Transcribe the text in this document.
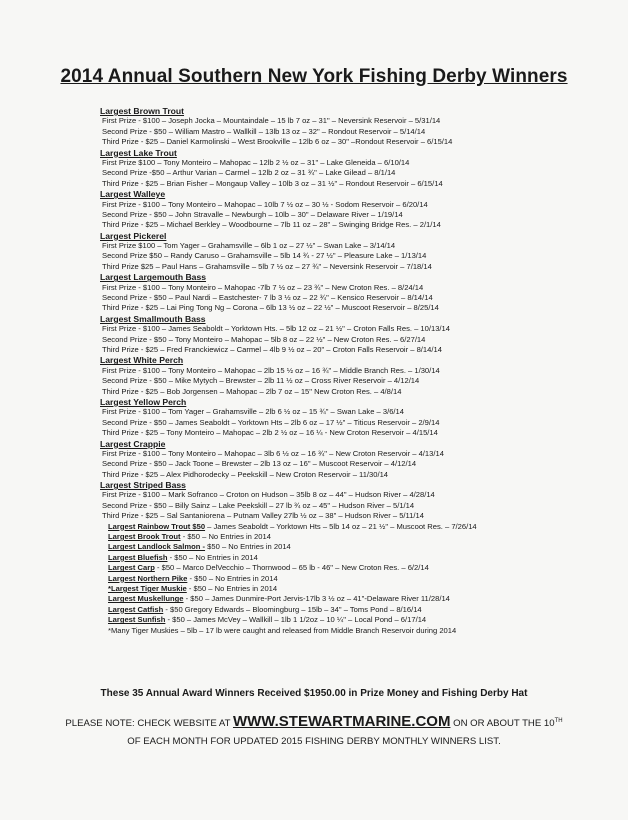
2014 Annual Southern New York Fishing Derby Winners
Largest Brown Trout
First Prize - $100 – Joseph Jocka – Mountaindale – 15 lb 7 oz – 31" – Neversink Reservoir – 5/31/14
Second Prize - $50 – William Mastro – Wallkill – 13lb 13 oz – 32" – Rondout Reservoir – 5/14/14
Third Prize - $25 – Daniel Karmolinski – West Brookville – 12lb 6 oz – 30" –Rondout Reservoir – 6/15/14
Largest Lake Trout
First Prize $100 – Tony Monteiro – Mahopac – 12lb 2 ½ oz – 31" – Lake Gleneida – 6/10/14
Second Prize -$50 – Arthur Varian – Carmel – 12lb 2 oz – 31 ¾" – Lake Gilead – 8/1/14
Third Prize - $25 – Brian Fisher – Mongaup Valley – 10lb 3 oz – 31 ½" – Rondout Reservoir – 6/15/14
Largest Walleye
First Prize - $100 – Tony Monteiro – Mahopac – 10lb 7 ½ oz – 30 ½ - Sodom Reservoir – 6/20/14
Second Prize - $50 – John Stravalle – Newburgh – 10lb – 30" – Delaware River – 1/19/14
Third Prize - $25 – Michael Berkley – Woodbourne – 7lb 11 oz – 28" – Swinging Bridge Res. – 2/1/14
Largest Pickerel
First Prize $100 – Tom Yager – Grahamsville – 6lb 1 oz – 27 ½" – Swan Lake – 3/14/14
Second Prize $50 – Randy Caruso – Grahamsville – 5lb 14 ¾ - 27 ½" – Pleasure Lake – 1/13/14
Third Prize $25 – Paul Hans – Grahamsville – 5lb 7 ½ oz – 27 ¾" – Neversink Reservoir – 7/18/14
Largest Largemouth Bass
First Prize - $100 – Tony Monteiro – Mahopac -7lb 7 ½ oz – 23 ¾" – New Croton Res. – 8/24/14
Second Prize - $50 – Paul Nardi – Eastchester- 7 lb 3 ½ oz – 22 ¾" – Kensico Reservoir – 8/14/14
Third Prize - $25 – Lai Ping Tong Ng – Corona – 6lb 13 ½ oz – 22 ½" – Muscoot Reservoir – 8/25/14
Largest Smallmouth Bass
First Prize - $100 – James Seaboldt – Yorktown Hts. – 5lb 12 oz – 21 ½" – Croton Falls Res. – 10/13/14
Second Prize - $50 – Tony Monteiro – Mahopac – 5lb 8 oz – 22 ½" – New Croton Res. – 6/27/14
Third Prize - $25 – Fred Franckiewicz – Carmel – 4lb 9 ½ oz – 20" – Croton Falls Reservoir – 8/14/14
Largest White Perch
First Prize - $100 – Tony Monteiro – Mahopac – 2lb 15 ½ oz – 16 ¾" – Middle Branch Res. – 1/30/14
Second Prize - $50 – Mike Mytych – Brewster – 2lb 11 ½ oz – Cross River Reservoir – 4/12/14
Third Prize - $25 – Bob Jorgensen – Mahopac – 2lb 7 oz – 15" New Croton Res. – 4/8/14
Largest Yellow Perch
First Prize - $100 – Tom Yager – Grahamsville – 2lb 6 ½ oz – 15 ¾" – Swan Lake – 3/6/14
Second Prize - $50 – James Seaboldt – Yorktown Hts – 2lb 6 oz – 17 ½" – Titicus Reservoir – 2/9/14
Third Prize - $25 – Tony Monteiro – Mahopac – 2lb 2 ½ oz – 16 ¼ - New Croton Reservoir – 4/15/14
Largest Crappie
First Prize - $100 – Tony Monteiro – Mahopac – 3lb 6 ½ oz – 16 ¾" – New Croton Reservoir – 4/13/14
Second Prize - $50 – Jack Toone – Brewster – 2lb 13 oz – 16" – Muscoot Reservoir – 4/12/14
Third Prize - $25 – Alex Pidhorodecky – Peekskill – New Croton Reservoir – 11/30/14
Largest Striped Bass
First Prize - $100 – Mark Sofranco – Croton on Hudson – 35lb 8 oz – 44" – Hudson River – 4/28/14
Second Prize - $50 – Billy Sainz – Lake Peekskill – 27 lb ¾ oz – 45" – Hudson River – 5/1/14
Third Prize - $25 – Sal Santaniorena – Putnam Valley 27lb ½ oz – 38" – Hudson River – 5/11/14
Largest Rainbow Trout $50 – James Seaboldt – Yorktown Hts – 5lb 14 oz – 21 ½" – Muscoot Res. – 7/26/14
Largest Brook Trout - $50 – No Entries in 2014
Largest Landlock Salmon - $50 – No Entries in 2014
Largest Bluefish - $50 – No Entries in 2014
Largest Carp - $50 – Marco DelVecchio – Thornwood – 65 lb - 46" – New Croton Res. – 6/2/14
Largest Northern Pike - $50 – No Entries in 2014
*Largest Tiger Muskie - $50 – No Entries in 2014
Largest Muskellunge - $50 – James Dunmire-Port Jervis-17lb 3 ½ oz – 41"-Delaware River 11/28/14
Largest Catfish - $50 Gregory Edwards – Bloomingburg – 15lb – 34" – Toms Pond – 8/16/14
Largest Sunfish - $50 – James McVey – Wallkill – 1lb 1 1/2oz – 10 ¼" – Local Pond – 6/17/14
*Many Tiger Muskies – 5lb – 17 lb were caught and released from Middle Branch Reservoir during 2014
These 35 Annual Award Winners Received $1950.00 in Prize Money and Fishing Derby Hat
PLEASE NOTE: CHECK WEBSITE AT WWW.STEWARTMARINE.COM ON OR ABOUT THE 10TH
OF EACH MONTH FOR UPDATED 2015 FISHING DERBY MONTHLY WINNERS LIST.
